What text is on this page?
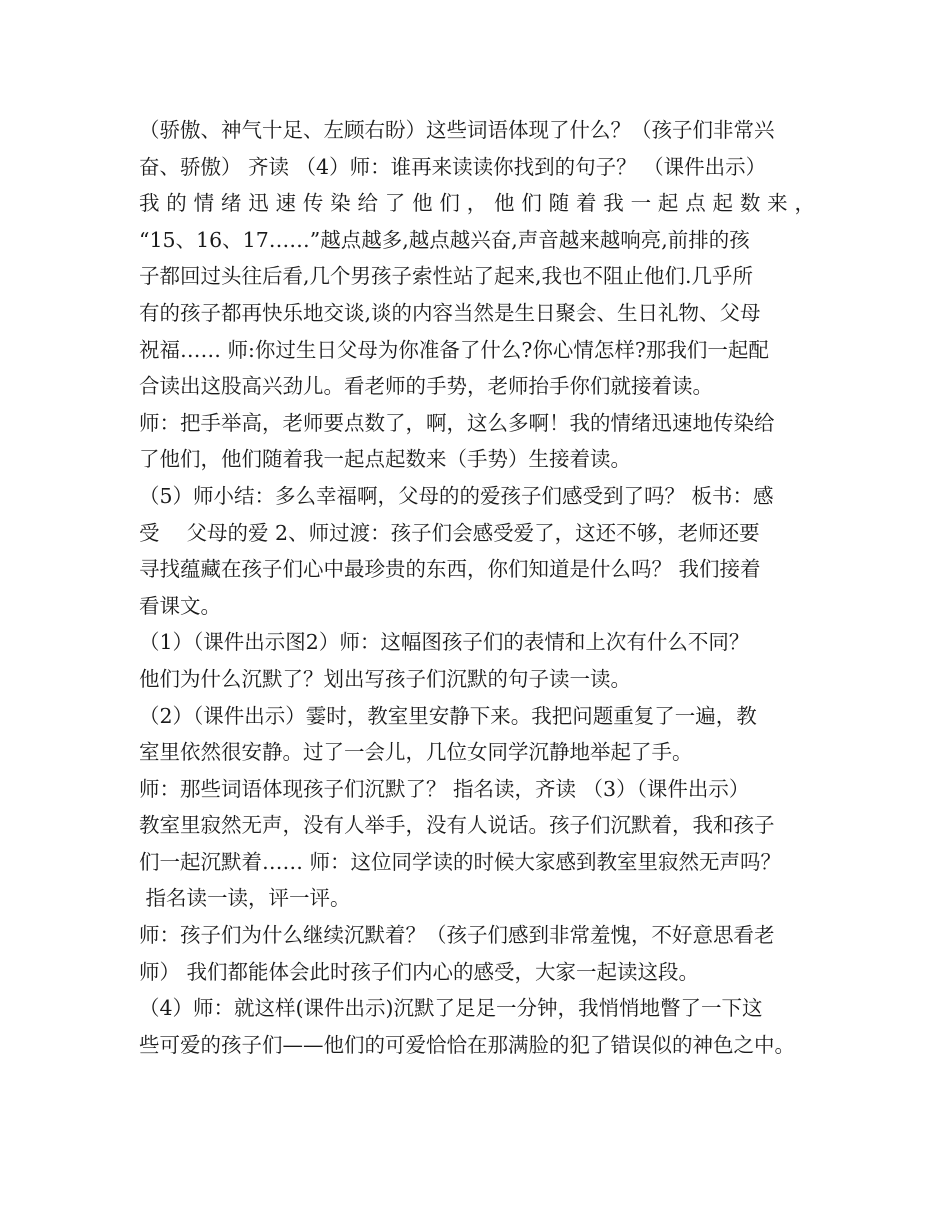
（骄傲、神气十足、左顾右盼）这些词语体现了什么？（孩子们非常兴
奋、骄傲） 齐读 （4）师：谁再来读读你找到的句子？ （课件出示）
我的情绪迅速传染给了他们，他们随着我一起点起数来，
“15、16、17……”越点越多,越点越兴奋,声音越来越响亮,前排的孩
子都回过头往后看,几个男孩子索性站了起来,我也不阻止他们.几乎所
有的孩子都再快乐地交谈,谈的内容当然是生日聚会、生日礼物、父母
祝福…… 师:你过生日父母为你准备了什么?你心情怎样?那我们一起配
合读出这股高兴劲儿。看老师的手势，老师抬手你们就接着读。
师：把手举高，老师要点数了，啊，这么多啊！我的情绪迅速地传染给
了他们，他们随着我一起点起数来（手势）生接着读。
（5）师小结：多么幸福啊，父母的的爱孩子们感受到了吗？ 板书：感
受　 父母的爱 2、师过渡：孩子们会感受爱了，这还不够，老师还要
寻找蕴藏在孩子们心中最珍贵的东西，你们知道是什么吗？ 我们接着
看课文。
（1）（课件出示图2）师：这幅图孩子们的表情和上次有什么不同？
他们为什么沉默了？划出写孩子们沉默的句子读一读。
（2）（课件出示）霎时，教室里安静下来。我把问题重复了一遍，教
室里依然很安静。过了一会儿，几位女同学沉静地举起了手。
师：那些词语体现孩子们沉默了？ 指名读，齐读 （3）（课件出示）
教室里寂然无声，没有人举手，没有人说话。孩子们沉默着，我和孩子
们一起沉默着…… 师：这位同学读的时候大家感到教室里寂然无声吗？
指名读一读，评一评。
师：孩子们为什么继续沉默着？（孩子们感到非常羞愧，不好意思看老
师） 我们都能体会此时孩子们内心的感受，大家一起读这段。
（4）师：就这样(课件出示)沉默了足足一分钟，我悄悄地瞥了一下这
些可爱的孩子们——他们的可爱恰恰在那满脸的犯了错误似的神色之中。
